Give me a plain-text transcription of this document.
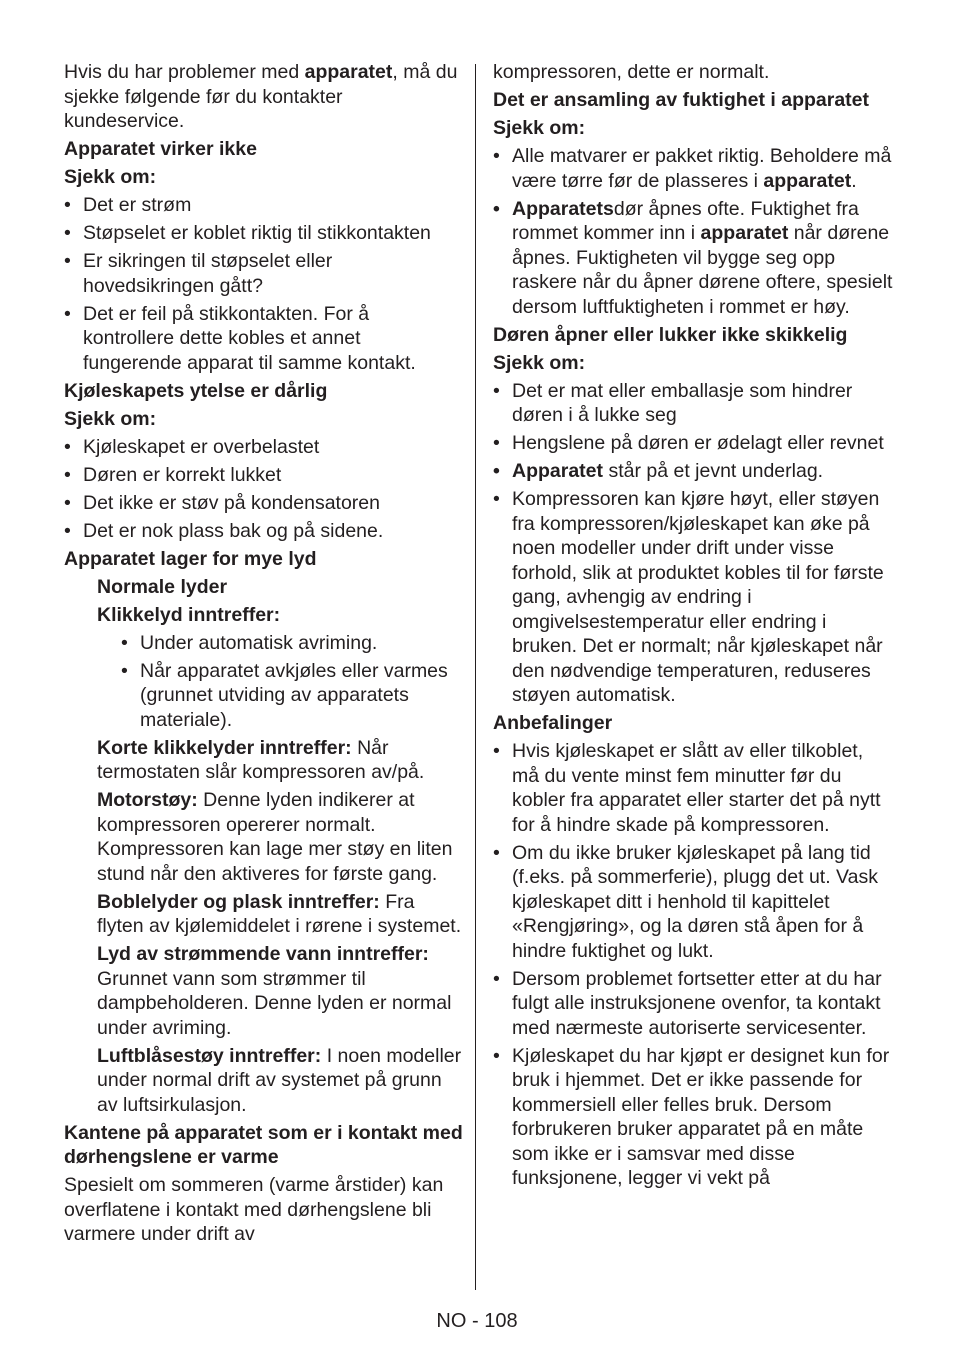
Hvis du har problemer med apparatet, må du sjekke følgende før du kontakter kundeservice.

Apparatet virker ikke

Sjekk om:

• Det er strøm
• Støpselet er koblet riktig til stikkontakten
• Er sikringen til støpselet eller hovedsikringen gått?
• Det er feil på stikkontakten. For å kontrollere dette kobles et annet fungerende apparat til samme kontakt.

Kjøleskapets ytelse er dårlig

Sjekk om:

• Kjøleskapet er overbelastet
• Døren er korrekt lukket
• Det ikke er støv på kondensatoren
• Det er nok plass bak og på sidene.

Apparatet lager for mye lyd

Normale lyder

Klikkelyd inntreffer:

• Under automatisk avriming.
• Når apparatet avkjøles eller varmes (grunnet utviding av apparatets materiale).

Korte klikkelyder inntreffer: Når termostaten slår kompressoren av/på.

Motorstøy: Denne lyden indikerer at kompressoren opererer normalt. Kompressoren kan lage mer støy en liten stund når den aktiveres for første gang.

Boblelyder og plask inntreffer: Fra flyten av kjølemiddelet i rørene i systemet.

Lyd av strømmende vann inntreffer: Grunnet vann som strømmer til dampbeholderen. Denne lyden er normal under avriming.

Luftblåsestøy inntreffer: I noen modeller under normal drift av systemet på grunn av luftsirkulasjon.

Kantene på apparatet som er i kontakt med dørhengslene er varme

Spesielt om sommeren (varme årstider) kan overflatene i kontakt med dørhengslene bli varmere under drift av

kompressoren, dette er normalt.

Det er ansamling av fuktighet i apparatet

Sjekk om:

• Alle matvarer er pakket riktig. Beholdere må være tørre før de plasseres i apparatet.
• Apparatetsdør åpnes ofte. Fuktighet fra rommet kommer inn i apparatet når dørene åpnes. Fuktigheten vil bygge seg opp raskere når du åpner dørene oftere, spesielt dersom luftfuktigheten i rommet er høy.

Døren åpner eller lukker ikke skikkelig

Sjekk om:

• Det er mat eller emballasje som hindrer døren i å lukke seg
• Hengslene på døren er ødelagt eller revnet
• Apparatet står på et jevnt underlag.
• Kompressoren kan kjøre høyt, eller støyen fra kompressoren/kjøleskapet kan øke på noen modeller under drift under visse forhold, slik at produktet kobles til for første gang, avhengig av endring i omgivelsestemperatur eller endring i bruken. Det er normalt; når kjøleskapet når den nødvendige temperaturen, reduseres støyen automatisk.

Anbefalinger

• Hvis kjøleskapet er slått av eller tilkoblet, må du vente minst fem minutter før du kobler fra apparatet eller starter det på nytt for å hindre skade på kompressoren.
• Om du ikke bruker kjøleskapet på lang tid (f.eks. på sommerferie), plugg det ut. Vask kjøleskapet ditt i henhold til kapittelet «Rengjøring», og la døren stå åpen for å hindre fuktighet og lukt.
• Dersom problemet fortsetter etter at du har fulgt alle instruksjonene ovenfor, ta kontakt med nærmeste autoriserte servicesenter.
• Kjøleskapet du har kjøpt er designet kun for bruk i hjemmet. Det er ikke passende for kommersiell eller felles bruk. Dersom forbrukeren bruker apparatet på en måte som ikke er i samsvar med disse funksjonene, legger vi vekt på
NO - 108
